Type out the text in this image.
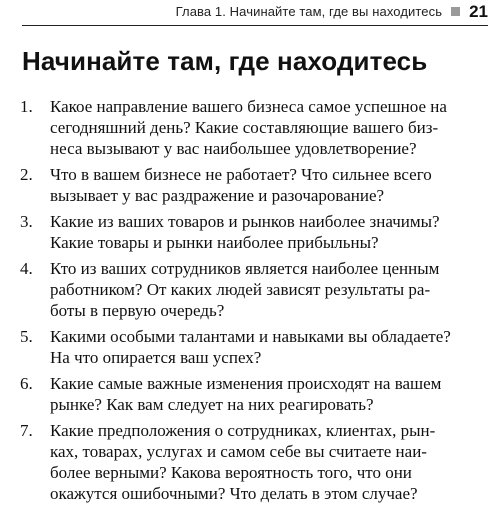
Глава 1. Начинайте там, где вы находитесь 21
Начинайте там, где находитесь
1.	Какое направление вашего бизнеса самое успешное на
сегодняшний день? Какие составляющие вашего биз-
неса вызывают у вас наибольшее удовлетворение?
2.	Что в вашем бизнесе не работает? Что сильнее всего
вызывает у вас раздражение и разочарование?
3.	Какие из ваших товаров и рынков наиболее значимы?
Какие товары и рынки наиболее прибыльны?
4.	Кто из ваших сотрудников является наиболее ценным
работником? От каких людей зависят результаты ра-
боты в первую очередь?
5.	Какими особыми талантами и навыками вы обладаете?
На что опирается ваш успех?
6.	Какие самые важные изменения происходят на вашем
рынке? Как вам следует на них реагировать?
7.	Какие предположения о сотрудниках, клиентах, рын-
ках, товарах, услугах и самом себе вы считаете наи-
более верными? Какова вероятность того, что они
окажутся ошибочными? Что делать в этом случае?
